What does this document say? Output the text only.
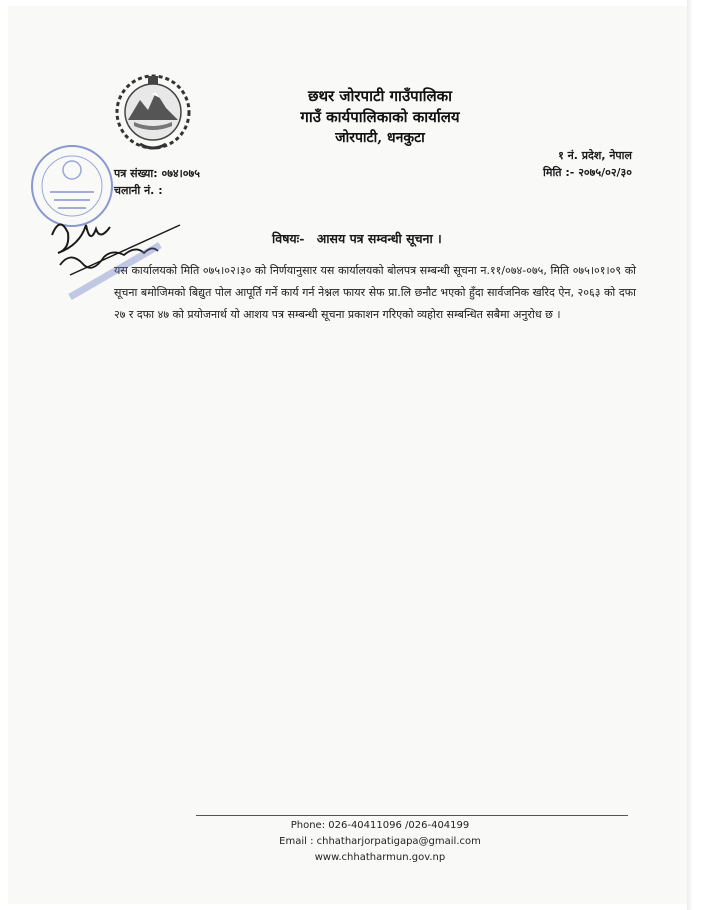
छथर जोरपाटी गाउँपालिका
गाउँ कार्यपालिकाको कार्यालय
जोरपाटी, धनकुटा
१ नं. प्रदेश, नेपाल
मिति :- २०७५/०२/३०
पत्र संख्या: ०७४।०७५
चलानी नं. :
विषयः- आसय पत्र सम्वन्धी सूचना ।
यस कार्यालयको मिति ०७५।०२।३० को निर्णयानुसार यस कार्यालयको बोलपत्र सम्बन्धी सूचना न.११/०७४-०७५, मिति ०७५।०१।०९ को सूचना बमोजिमको बिद्युत पोल आपूर्ति गर्ने कार्य गर्न नेश्नल फायर सेफ प्रा.लि छनौट भएको हुँदा सार्वजनिक खरिद ऐन, २०६३ को दफा २७ र दफा ४७ को प्रयोजनार्थ यो आशय पत्र सम्बन्धी सूचना प्रकाशन गरिएको व्यहोरा सम्बन्धित सबैमा अनुरोध छ ।
Phone: 026-40411096 /026-404199
Email : chhatharjorpatigapa@gmail.com
www.chhatharmun.gov.np
